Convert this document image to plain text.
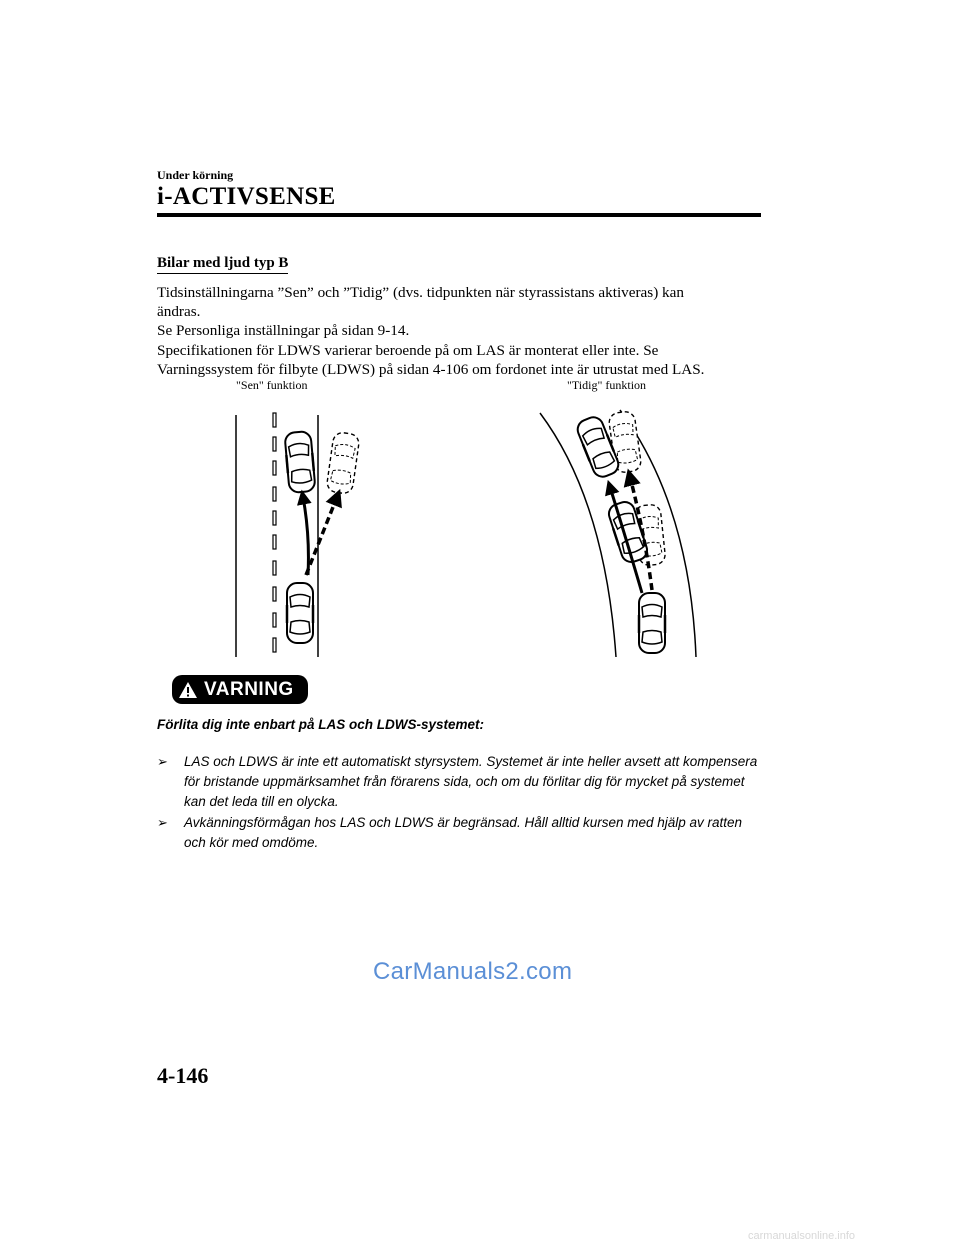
Under körning
i-ACTIVSENSE
Bilar med ljud typ B
Tidsinställningarna ”Sen” och ”Tidig” (dvs. tidpunkten när styrassistans aktiveras) kan
ändras.
Se Personliga inställningar på sidan 9-14.
Specifikationen för LDWS varierar beroende på om LAS är monterat eller inte. Se
Varningssystem för filbyte (LDWS) på sidan 4-106 om fordonet inte är utrustat med LAS.
"Sen" funktion	"Tidig" funktion
VARNING
Förlita dig inte enbart på LAS och LDWS-systemet:
➢ LAS och LDWS är inte ett automatiskt styrsystem. Systemet är inte heller avsett att kompensera för bristande uppmärksamhet från förarens sida, och om du förlitar dig för mycket på systemet kan det leda till en olycka.
➢ Avkänningsförmågan hos LAS och LDWS är begränsad. Håll alltid kursen med hjälp av ratten och kör med omdöme.
CarManuals2.com
4-146
carmanualsonline.info
